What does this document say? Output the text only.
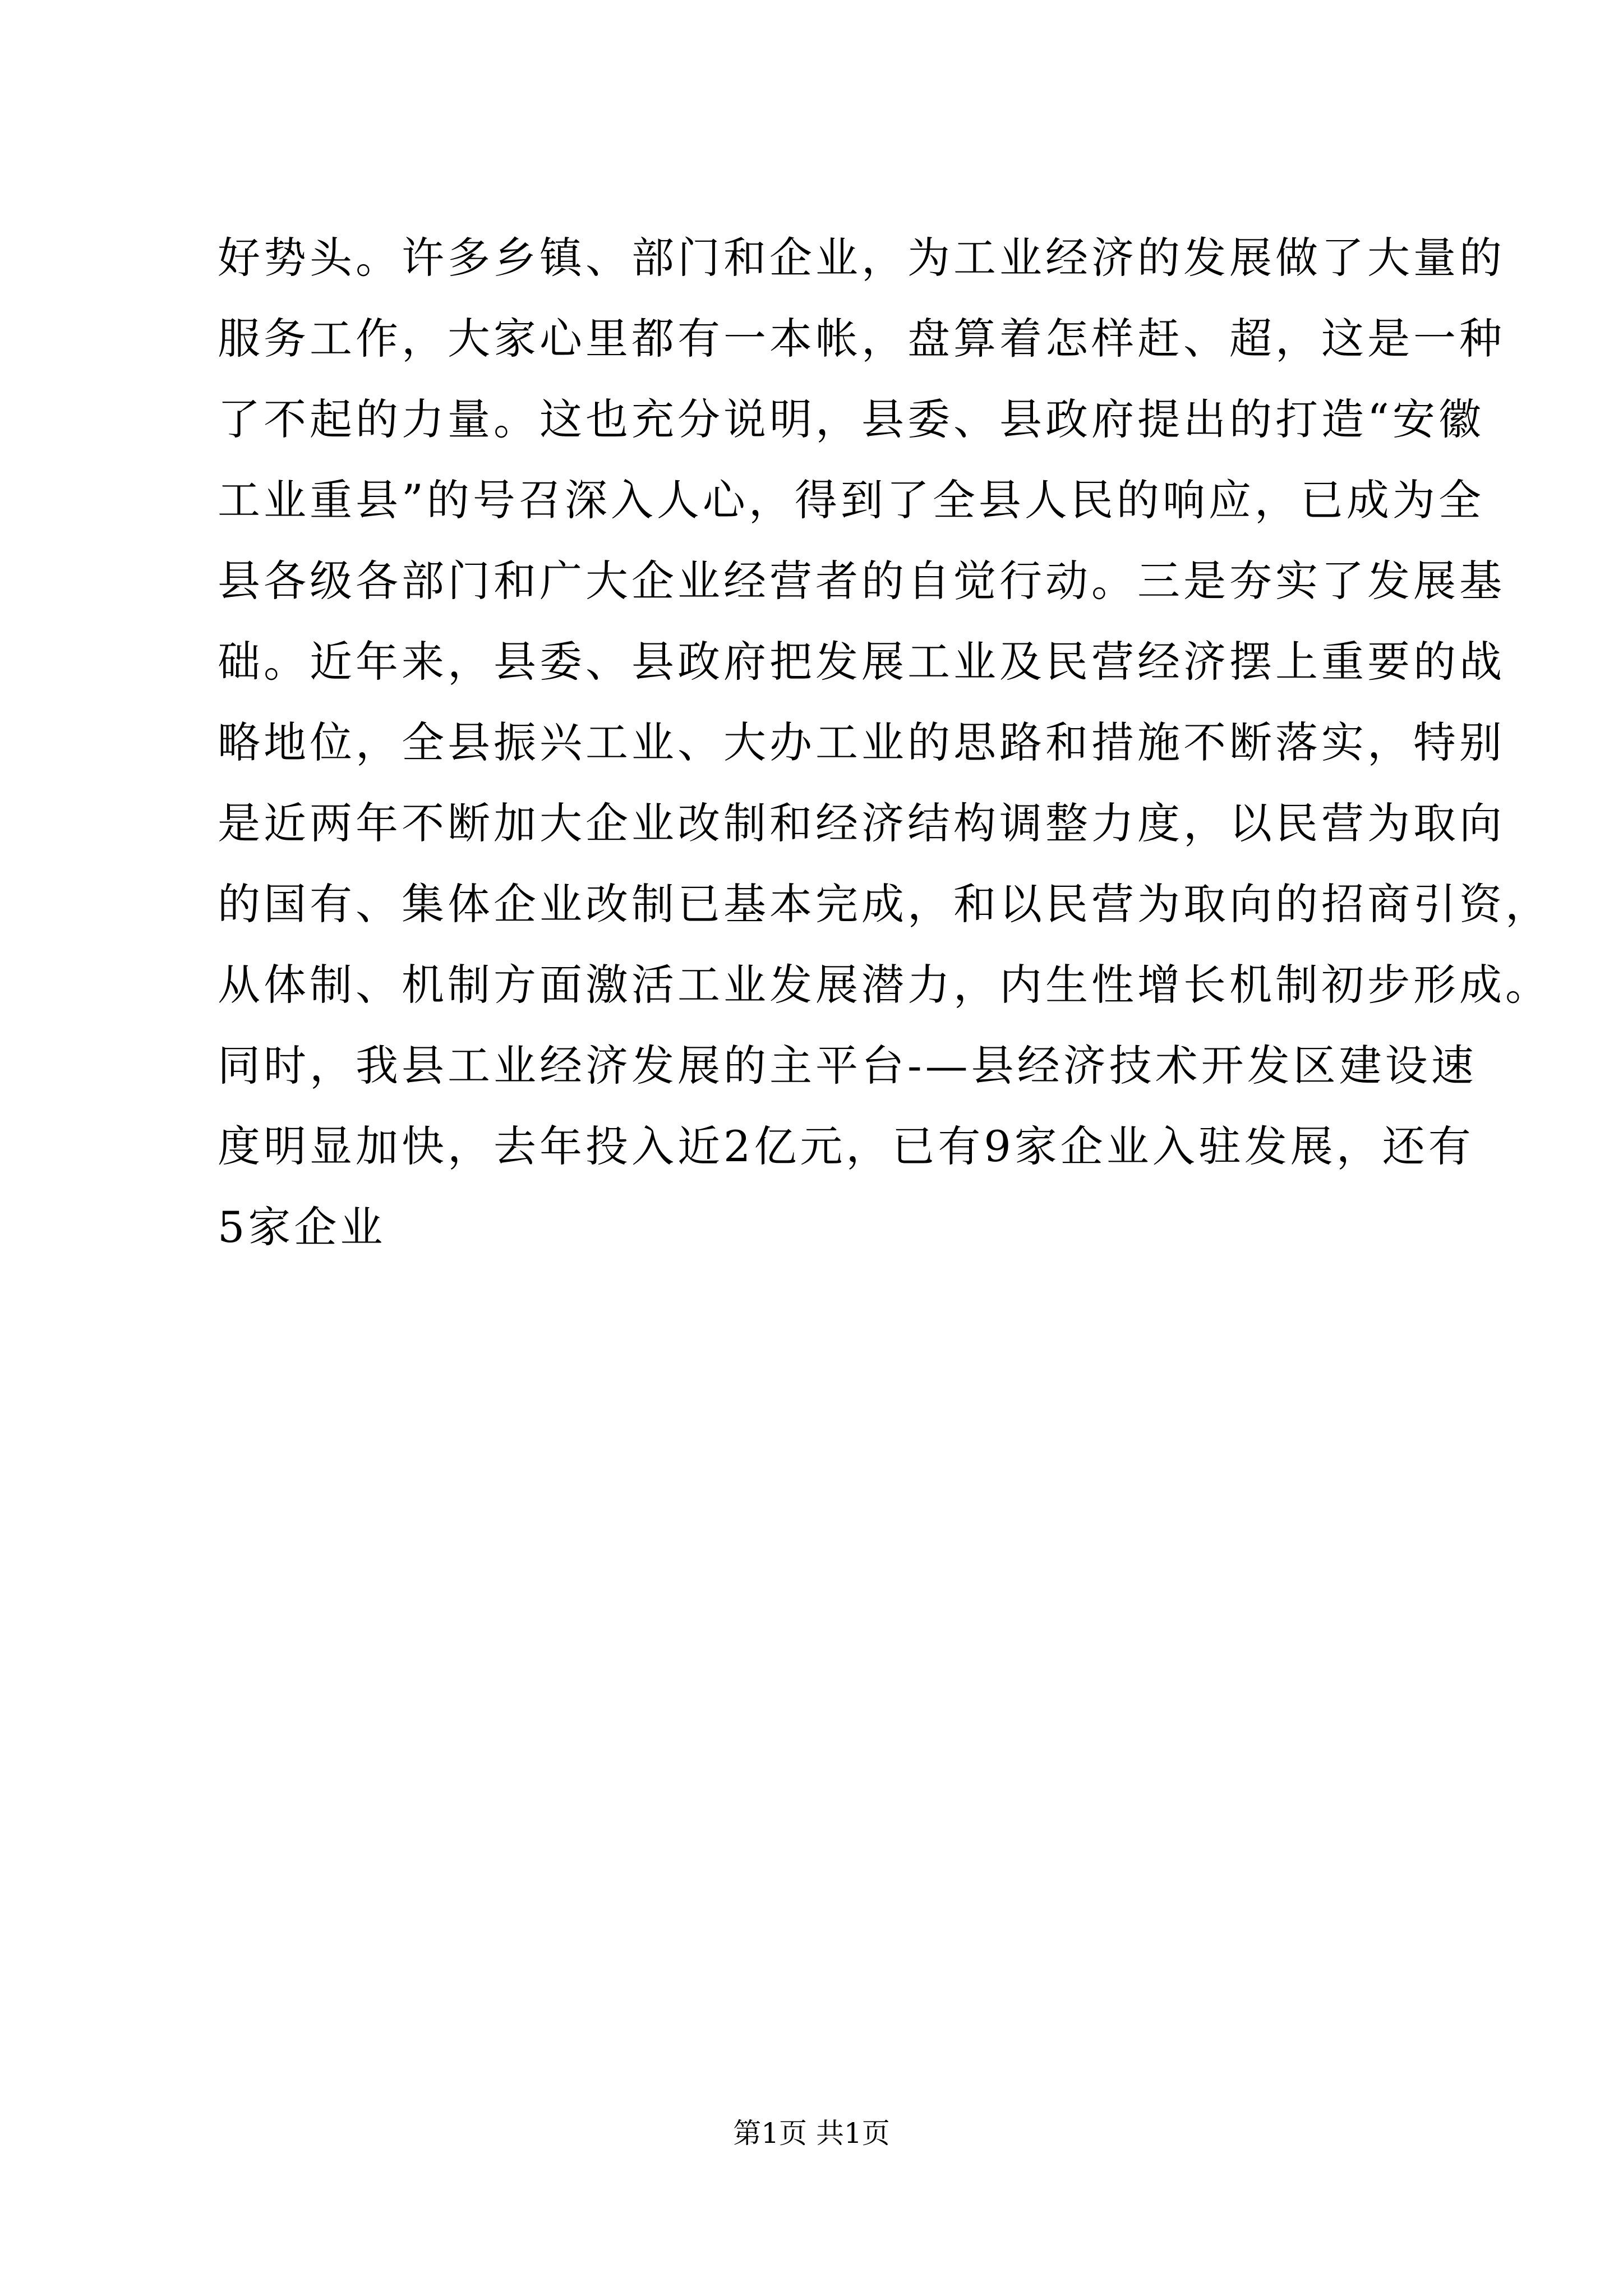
好势头。许多乡镇、部门和企业，为工业经济的发展做了大量的
服务工作，大家心里都有一本帐，盘算着怎样赶、超，这是一种
了不起的力量。这也充分说明，县委、县政府提出的打造“安徽
工业重县”的号召深入人心，得到了全县人民的响应，已成为全
县各级各部门和广大企业经营者的自觉行动。三是夯实了发展基
础。近年来，县委、县政府把发展工业及民营经济摆上重要的战
略地位，全县振兴工业、大办工业的思路和措施不断落实，特别
是近两年不断加大企业改制和经济结构调整力度，以民营为取向
的国有、集体企业改制已基本完成，和以民营为取向的招商引资，
从体制、机制方面激活工业发展潜力，内生性增长机制初步形成。
同时，我县工业经济发展的主平台-—县经济技术开发区建设速
度明显加快，去年投入近2亿元，已有9家企业入驻发展，还有
5家企业
第1页 共1页
